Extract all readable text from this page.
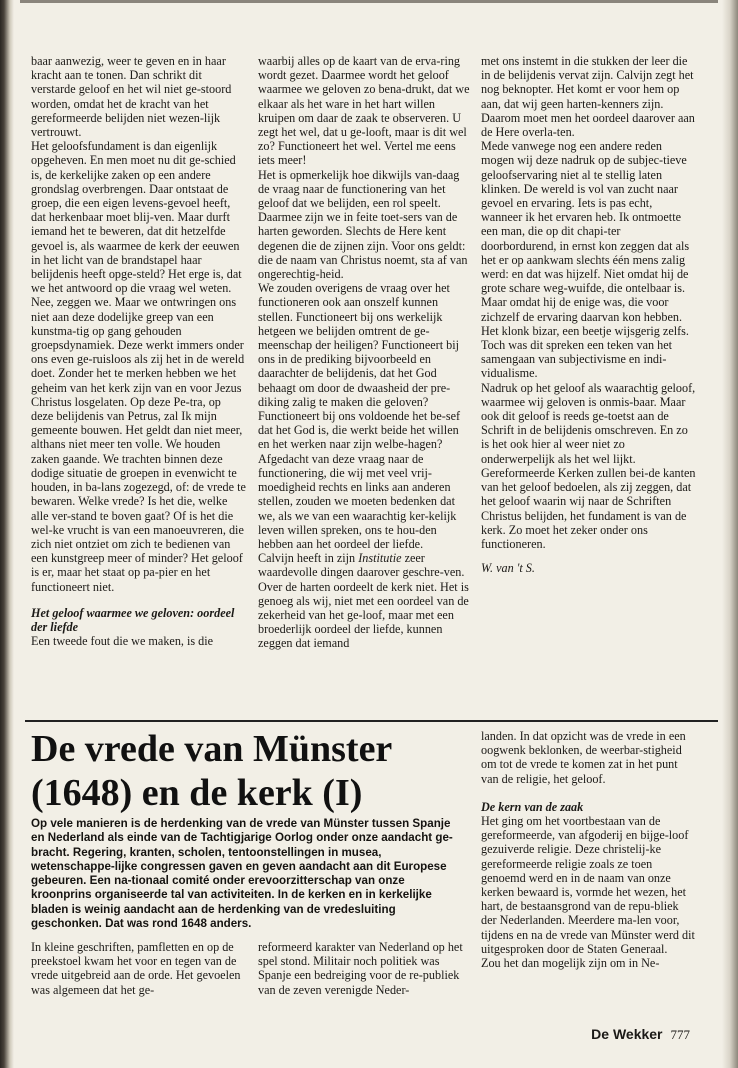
baar aanwezig, weer te geven en in haar kracht aan te tonen. Dan schrikt dit verstarde geloof en het wil niet ge-stoord worden, omdat het de kracht van het gereformeerde belijden niet wezen-lijk vertrouwt.

Het geloofsfundament is dan eigenlijk opgeheven. En men moet nu dit ge-schied is, de kerkelijke zaken op een andere grondslag overbrengen. Daar ontstaat de groep, die een eigen levens-gevoel heeft, dat herkenbaar moet blij-ven. Maar durft iemand het te beweren, dat dit hetzelfde gevoel is, als waarmee de kerk der eeuwen in het licht van de brandstapel haar belijdenis heeft opge-steld? Het erge is, dat we het antwoord op die vraag wel weten. Nee, zeggen we. Maar we ontwringen ons niet aan deze dodelijke greep van een kunstma-tig op gang gehouden groepsdynamiek. Deze werkt immers onder ons even ge-ruisloos als zij het in de wereld doet. Zonder het te merken hebben we het geheim van het kerk zijn van en voor Jezus Christus losgelaten. Op deze Pe-tra, op deze belijdenis van Petrus, zal Ik mijn gemeente bouwen. Het geldt dan niet meer, althans niet meer ten volle. We houden zaken gaande. We trachten binnen deze dodige situatie de groepen in evenwicht te houden, in ba-lans zogezegd, of: de vrede te bewaren. Welke vrede? Is het die, welke alle ver-stand te boven gaat? Of is het die wel-ke vrucht is van een manoeuvreren, die zich niet ontziet om zich te bedienen van een kunstgreep meer of minder? Het geloof is er, maar het staat op pa-pier en het functioneert niet.

Het geloof waarmee we geloven: oordeel der liefde

Een tweede fout die we maken, is die

waarbij alles op de kaart van de erva-ring wordt gezet. Daarmee wordt het geloof waarmee we geloven zo bena-drukt, dat we elkaar als het ware in het hart willen kruipen om daar de zaak te observeren. U zegt het wel, dat u ge-looft, maar is dit wel zo? Functioneert het wel. Vertel me eens iets meer!

Het is opmerkelijk hoe dikwijls van-daag de vraag naar de functionering van het geloof dat we belijden, een rol speelt. Daarmee zijn we in feite toet-sers van de harten geworden. Slechts de Here kent degenen die de zijnen zijn. Voor ons geldt: die de naam van Christus noemt, sta af van ongerechtig-heid.

We zouden overigens de vraag over het functioneren ook aan onszelf kunnen stellen. Functioneert bij ons werkelijk hetgeen we belijden omtrent de ge-meenschap der heiligen? Functioneert bij ons in de prediking bijvoorbeeld en daarachter de belijdenis, dat het God behaagt om door de dwaasheid der pre-diking zalig te maken die geloven? Functioneert bij ons voldoende het be-sef dat het God is, die werkt beide het willen en het werken naar zijn welbe-hagen?

Afgedacht van deze vraag naar de functionering, die wij met veel vrij-moedigheid rechts en links aan anderen stellen, zouden we moeten bedenken dat we, als we van een waarachtig ker-kelijk leven willen spreken, ons te hou-den hebben aan het oordeel der liefde.

Calvijn heeft in zijn Institutie zeer waardevolle dingen daarover geschre-ven. Over de harten oordeelt de kerk niet. Het is genoeg als wij, niet met een oordeel van de zekerheid van het ge-loof, maar met een broederlijk oordeel der liefde, kunnen zeggen dat iemand

met ons instemt in die stukken der leer die in de belijdenis vervat zijn. Calvijn zegt het nog beknopter. Het komt er voor hem op aan, dat wij geen harten-kenners zijn. Daarom moet men het oordeel daarover aan de Here overla-ten.

Mede vanwege nog een andere reden mogen wij deze nadruk op de subjec-tieve geloofservaring niet al te stellig laten klinken. De wereld is vol van zucht naar gevoel en ervaring. Iets is pas echt, wanneer ik het ervaren heb. Ik ontmoette een man, die op dit chapi-ter doorbordurend, in ernst kon zeggen dat als het er op aankwam slechts één mens zalig werd: en dat was hijzelf. Niet omdat hij de grote schare weg-wuifde, die ontelbaar is. Maar omdat hij de enige was, die voor zichzelf de ervaring daarvan kon hebben. Het klonk bizar, een beetje wijsgerig zelfs. Toch was dit spreken een teken van het samengaan van subjectivisme en indi-vidualisme.

Nadruk op het geloof als waarachtig geloof, waarmee wij geloven is onmis-baar. Maar ook dit geloof is reeds ge-toetst aan de Schrift in de belijdenis omschreven. En zo is het ook hier al weer niet zo onderwerpelijk als het wel lijkt. Gereformeerde Kerken zullen bei-de kanten van het geloof bedoelen, als zij zeggen, dat het geloof waarin wij naar de Schriften Christus belijden, het fundament is van de kerk. Zo moet het zeker onder ons functioneren.

W. van 't S.

De vrede van Münster (1648) en de kerk (I)

Op vele manieren is de herdenking van de vrede van Münster tussen Spanje en Nederland als einde van de Tachtigjarige Oorlog onder onze aandacht ge-bracht. Regering, kranten, scholen, tentoonstellingen in musea, wetenschappe-lijke congressen gaven en geven aandacht aan dit Europese gebeuren. Een na-tionaal comité onder erevoorzitterschap van onze kroonprins organiseerde tal van activiteiten. In de kerken en in kerkelijke bladen is weinig aandacht aan de herdenking van de vredesluiting geschonken. Dat was rond 1648 anders.

In kleine geschriften, pamfletten en op de preekstoel kwam het voor en tegen van de vrede uitgebreid aan de orde. Het gevoelen was algemeen dat het ge-

reformeerd karakter van Nederland op het spel stond. Militair noch politiek was Spanje een bedreiging voor de re-publiek van de zeven verenigde Neder-

landen. In dat opzicht was de vrede in een oogwenk beklonken, de weerbar-stigheid om tot de vrede te komen zat in het punt van de religie, het geloof.

De kern van de zaak

Het ging om het voortbestaan van de gereformeerde, van afgoderij en bijge-loof gezuiverde religie. Deze christelij-ke gereformeerde religie zoals ze toen genoemd werd en in de naam van onze kerken bewaard is, vormde het wezen, het hart, de bestaansgrond van de repu-bliek der Nederlanden. Meerdere ma-len voor, tijdens en na de vrede van Münster werd dit uitgesproken door de Staten Generaal.

Zou het dan mogelijk zijn om in Ne-

De Wekker 777
